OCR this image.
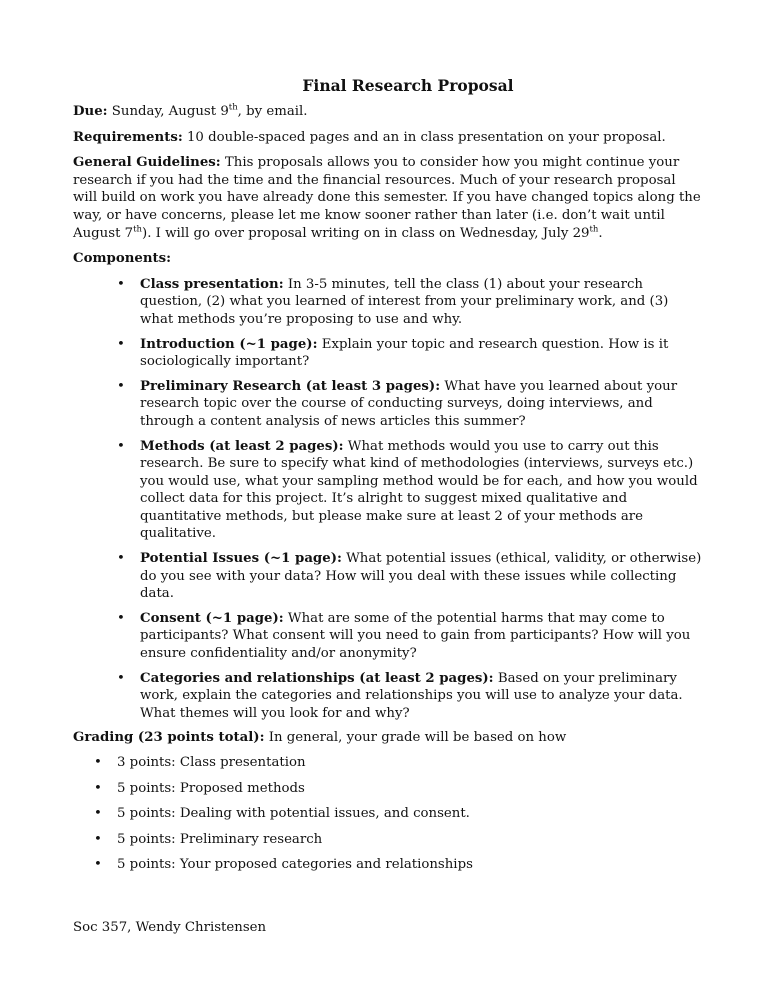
Final Research Proposal

Due: Sunday, August 9th, by email.

Requirements: 10 double-spaced pages and an in class presentation on your proposal.

General Guidelines: This proposals allows you to consider how you might continue your research if you had the time and the financial resources. Much of your research proposal will build on work you have already done this semester. If you have changed topics along the way, or have concerns, please let me know sooner rather than later (i.e. don’t wait until August 7th). I will go over proposal writing on in class on Wednesday, July 29th.

Components:

• Class presentation: In 3-5 minutes, tell the class (1) about your research question, (2) what you learned of interest from your preliminary work, and (3) what methods you’re proposing to use and why.
• Introduction (~1 page): Explain your topic and research question. How is it sociologically important?
• Preliminary Research (at least 3 pages): What have you learned about your research topic over the course of conducting surveys, doing interviews, and through a content analysis of news articles this summer?
• Methods (at least 2 pages): What methods would you use to carry out this research. Be sure to specify what kind of methodologies (interviews, surveys etc.) you would use, what your sampling method would be for each, and how you would collect data for this project. It’s alright to suggest mixed qualitative and quantitative methods, but please make sure at least 2 of your methods are qualitative.
• Potential Issues (~1 page): What potential issues (ethical, validity, or otherwise) do you see with your data? How will you deal with these issues while collecting data.
• Consent (~1 page): What are some of the potential harms that may come to participants? What consent will you need to gain from participants? How will you ensure confidentiality and/or anonymity?
• Categories and relationships (at least 2 pages): Based on your preliminary work, explain the categories and relationships you will use to analyze your data. What themes will you look for and why?

Grading (23 points total): In general, your grade will be based on how

• 3 points: Class presentation
• 5 points: Proposed methods
• 5 points: Dealing with potential issues, and consent.
• 5 points: Preliminary research
• 5 points: Your proposed categories and relationships

Soc 357, Wendy Christensen
